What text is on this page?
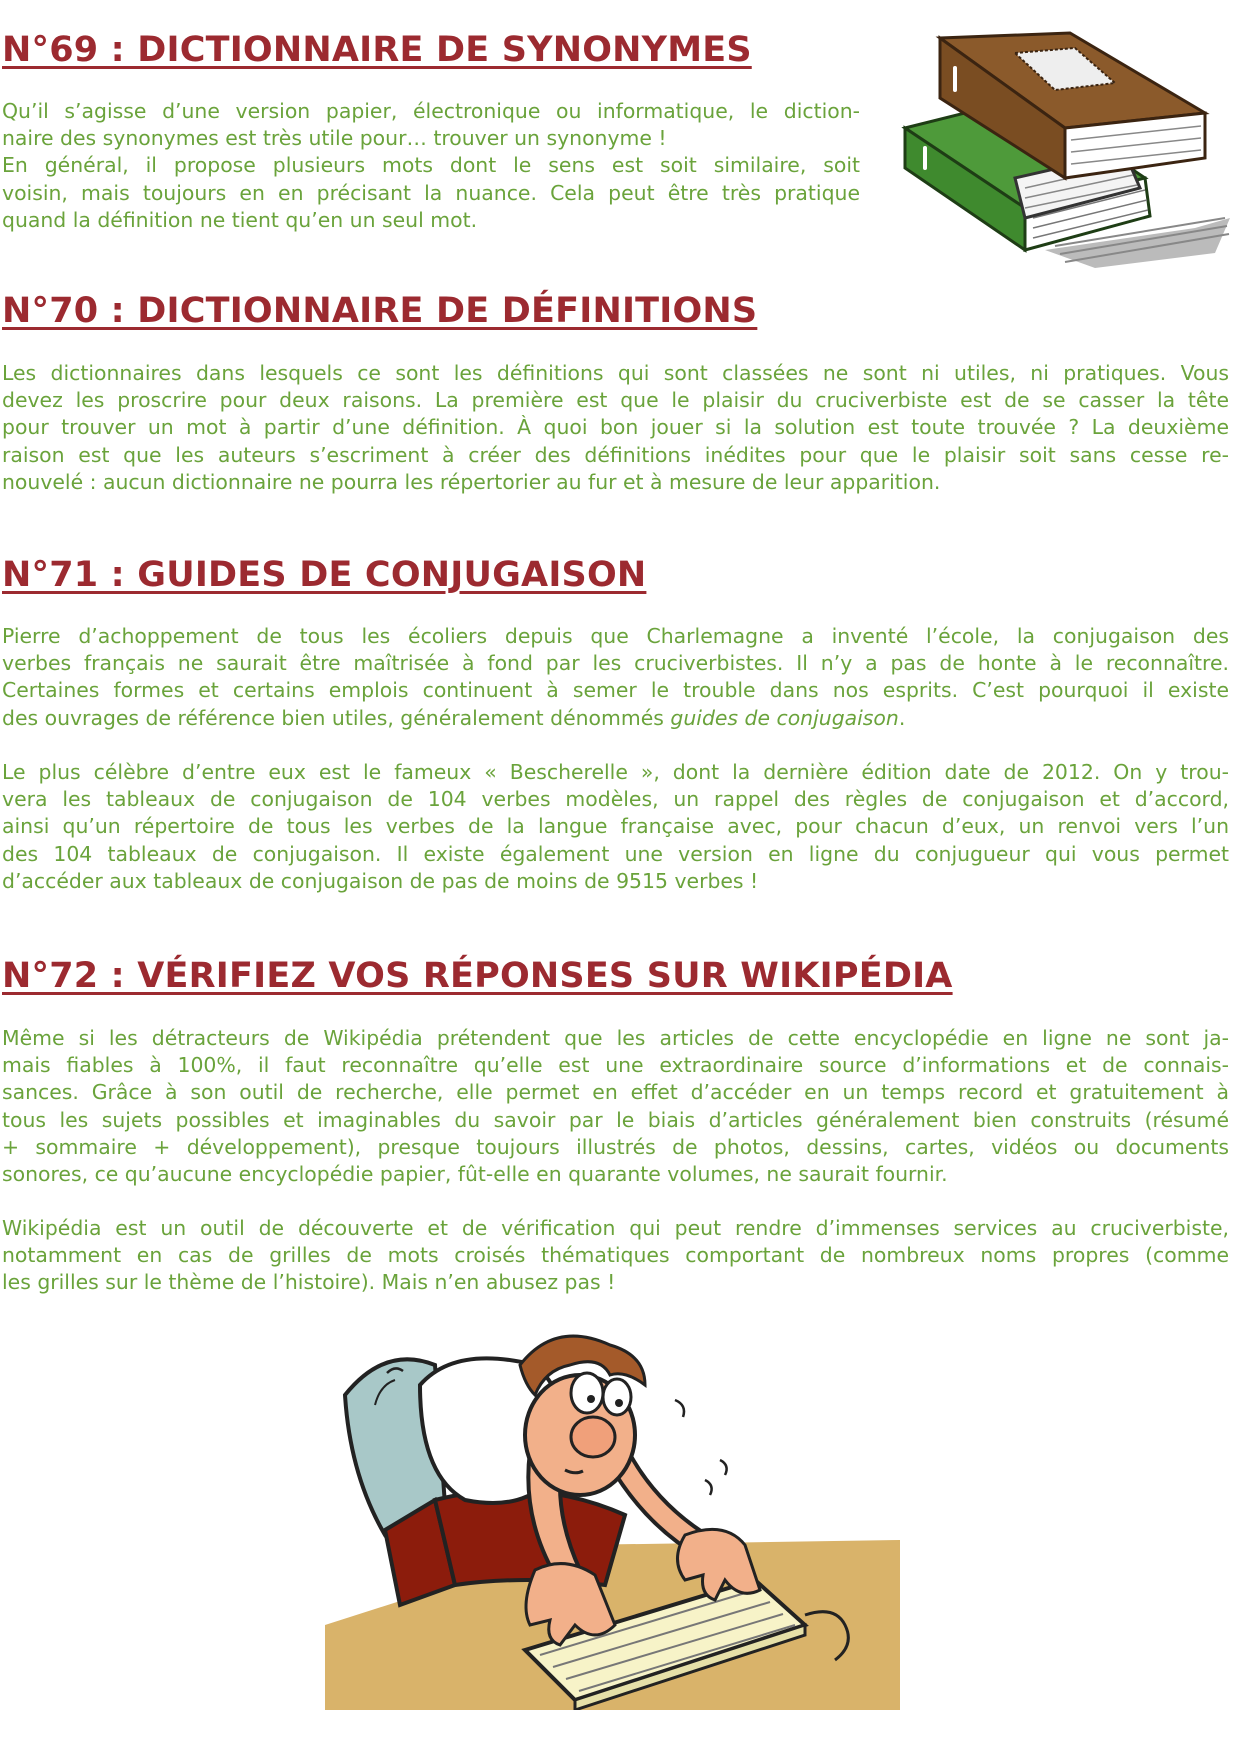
N°69 : DICTIONNAIRE DE SYNONYMES

Qu’il s’agisse d’une version papier, électronique ou informatique, le diction-
naire des synonymes est très utile pour… trouver un synonyme !
En général, il propose plusieurs mots dont le sens est soit similaire, soit
voisin, mais toujours en en précisant la nuance. Cela peut être très pratique
quand la définition ne tient qu’en un seul mot.

N°70 : DICTIONNAIRE DE DÉFINITIONS

Les dictionnaires dans lesquels ce sont les définitions qui sont classées ne sont ni utiles, ni pratiques. Vous
devez les proscrire pour deux raisons. La première est que le plaisir du cruciverbiste est de se casser la tête
pour trouver un mot à partir d’une définition. À quoi bon jouer si la solution est toute trouvée ? La deuxième
raison est que les auteurs s’escriment à créer des définitions inédites pour que le plaisir soit sans cesse re-
nouvelé : aucun dictionnaire ne pourra les répertorier au fur et à mesure de leur apparition.

N°71 : GUIDES DE CONJUGAISON

Pierre d’achoppement de tous les écoliers depuis que Charlemagne a inventé l’école, la conjugaison des
verbes français ne saurait être maîtrisée à fond par les cruciverbistes. Il n’y a pas de honte à le reconnaître.
Certaines formes et certains emplois continuent à semer le trouble dans nos esprits. C’est pourquoi il existe
des ouvrages de référence bien utiles, généralement dénommés guides de conjugaison.

Le plus célèbre d’entre eux est le fameux « Bescherelle », dont la dernière édition date de 2012. On y trou-
vera les tableaux de conjugaison de 104 verbes modèles, un rappel des règles de conjugaison et d’accord,
ainsi qu’un répertoire de tous les verbes de la langue française avec, pour chacun d’eux, un renvoi vers l’un
des 104 tableaux de conjugaison. Il existe également une version en ligne du conjugueur qui vous permet
d’accéder aux tableaux de conjugaison de pas de moins de 9515 verbes !

N°72 : VÉRIFIEZ VOS RÉPONSES SUR WIKIPÉDIA

Même si les détracteurs de Wikipédia prétendent que les articles de cette encyclopédie en ligne ne sont ja-
mais fiables à 100%, il faut reconnaître qu’elle est une extraordinaire source d’informations et de connais-
sances. Grâce à son outil de recherche, elle permet en effet d’accéder en un temps record et gratuitement à
tous les sujets possibles et imaginables du savoir par le biais d’articles généralement bien construits (résumé
+ sommaire + développement), presque toujours illustrés de photos, dessins, cartes, vidéos ou documents
sonores, ce qu’aucune encyclopédie papier, fût-elle en quarante volumes, ne saurait fournir.

Wikipédia est un outil de découverte et de vérification qui peut rendre d’immenses services au cruciverbiste,
notamment en cas de grilles de mots croisés thématiques comportant de nombreux noms propres (comme
les grilles sur le thème de l’histoire). Mais n’en abusez pas !
